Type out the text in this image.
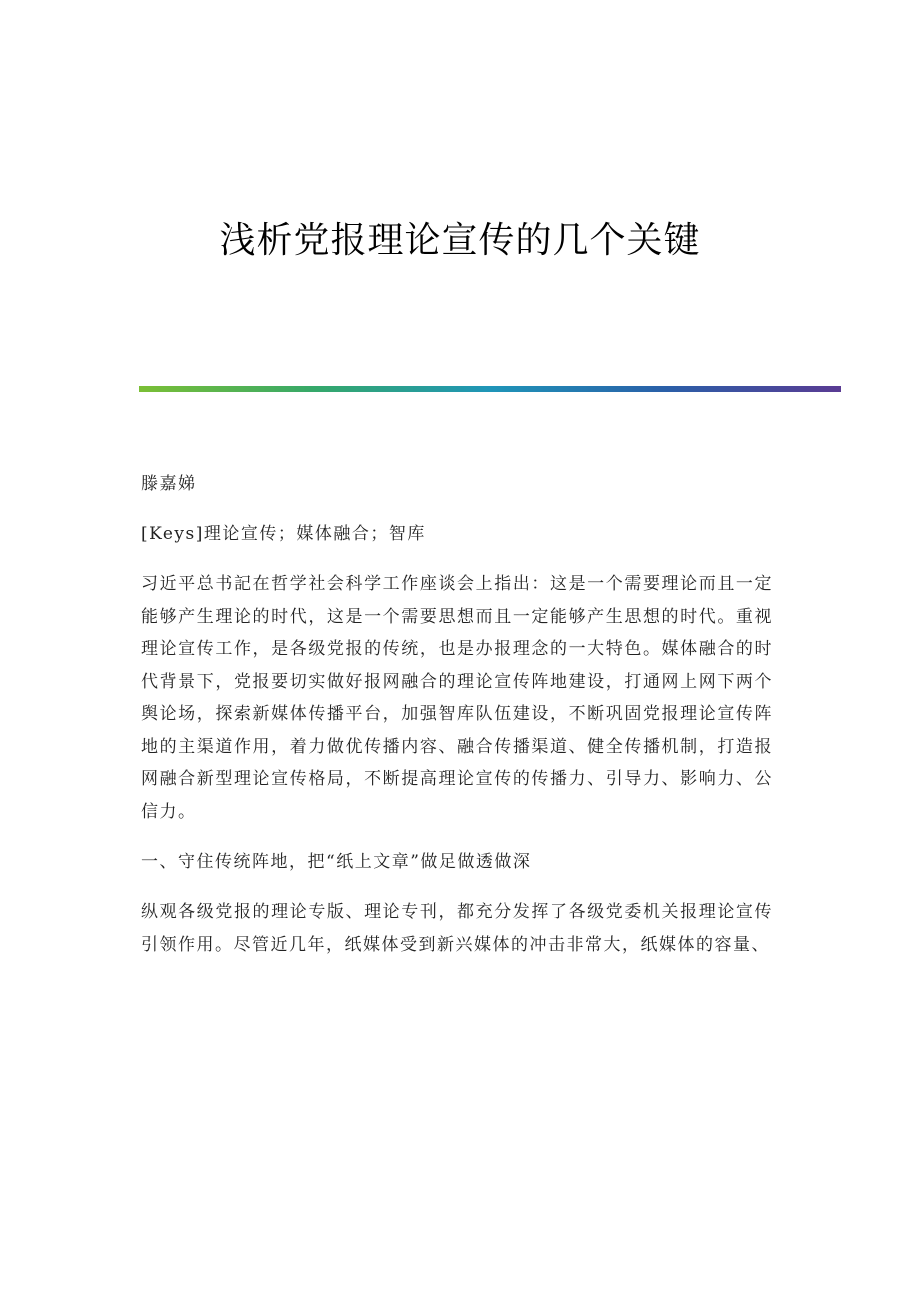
浅析党报理论宣传的几个关键

滕嘉娣

[Keys]理论宣传；媒体融合；智库

习近平总书記在哲学社会科学工作座谈会上指出：这是一个需要理论而且一定能够产生理论的时代，这是一个需要思想而且一定能够产生思想的时代。重视理论宣传工作，是各级党报的传统，也是办报理念的一大特色。媒体融合的时代背景下，党报要切实做好报网融合的理论宣传阵地建设，打通网上网下两个舆论场，探索新媒体传播平台，加强智库队伍建设，不断巩固党报理论宣传阵地的主渠道作用，着力做优传播内容、融合传播渠道、健全传播机制，打造报网融合新型理论宣传格局，不断提高理论宣传的传播力、引导力、影响力、公信力。

一、守住传统阵地，把“纸上文章”做足做透做深

纵观各级党报的理论专版、理论专刊，都充分发挥了各级党委机关报理论宣传引领作用。尽管近几年，纸媒体受到新兴媒体的冲击非常大，纸媒体的容量、
